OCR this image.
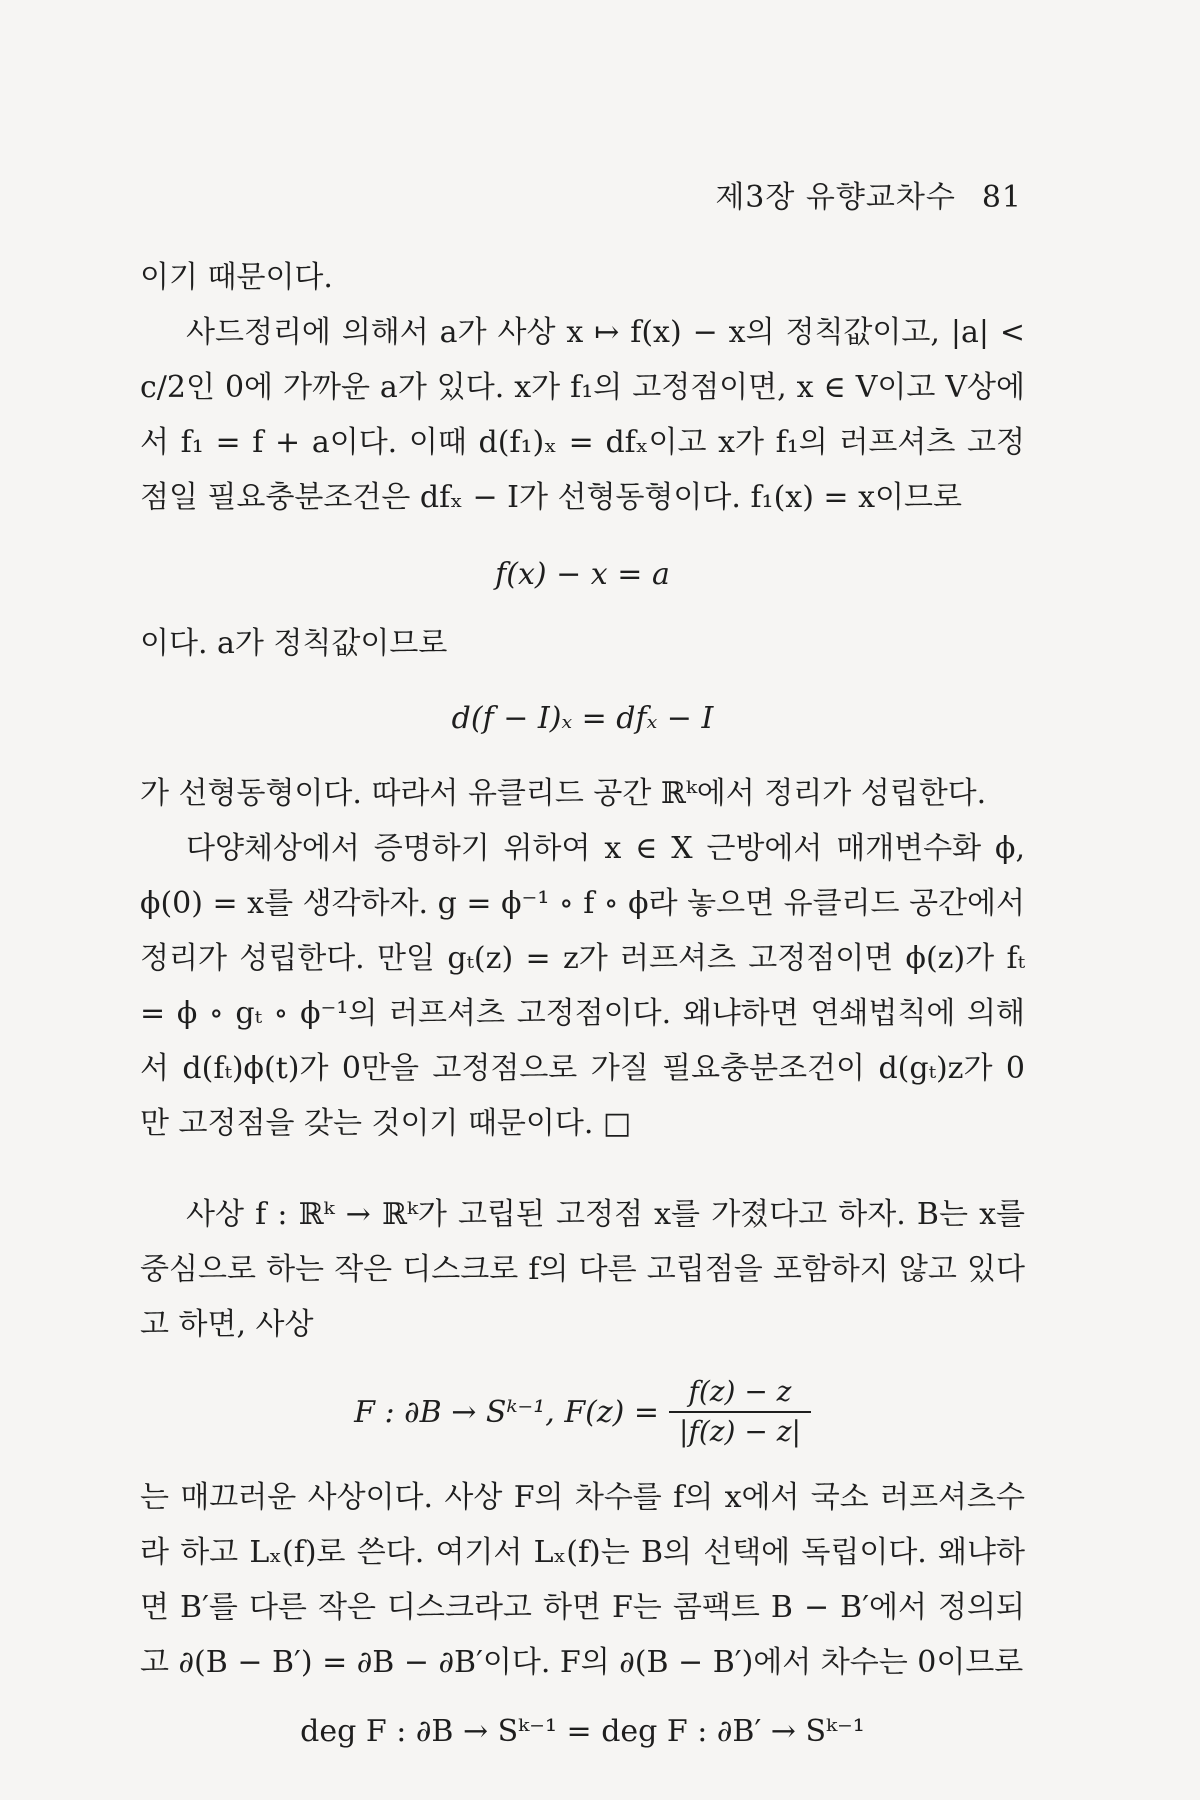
제3장 유향교차수 81

이기 때문이다.

사드정리에 의해서 a가 사상 x ↦ f(x) − x의 정칙값이고, |a| < c/2인 0에 가까운 a가 있다. x가 f₁의 고정점이면, x ∈ V이고 V상에서 f₁ = f + a이다. 이때 d(f₁)ₓ = dfₓ이고 x가 f₁의 러프셔츠 고정점일 필요충분조건은 dfₓ − I가 선형동형이다. f₁(x) = x이므로

f(x) − x = a

이다. a가 정칙값이므로

d(f − I)ₓ = dfₓ − I

가 선형동형이다. 따라서 유클리드 공간 ℝᵏ에서 정리가 성립한다.

다양체상에서 증명하기 위하여 x ∈ X 근방에서 매개변수화 ϕ, ϕ(0) = x를 생각하자. g = ϕ⁻¹ ∘ f ∘ ϕ라 놓으면 유클리드 공간에서 정리가 성립한다. 만일 gₜ(z) = z가 러프셔츠 고정점이면 ϕ(z)가 fₜ = ϕ ∘ gₜ ∘ ϕ⁻¹의 러프셔츠 고정점이다. 왜냐하면 연쇄법칙에 의해서 d(fₜ)ϕ(t)가 0만을 고정점으로 가질 필요충분조건이 d(gₜ)z가 0만 고정점을 갖는 것이기 때문이다. □

사상 f : ℝᵏ → ℝᵏ가 고립된 고정점 x를 가졌다고 하자. B는 x를 중심으로 하는 작은 디스크로 f의 다른 고립점을 포함하지 않고 있다고 하면, 사상

F : ∂B → Sᵏ⁻¹, $F(z) = \frac{f(z) - z}{|f(z) - z|}$

는 매끄러운 사상이다. 사상 F의 차수를 f의 x에서 국소 러프셔츠수라 하고 Lₓ(f)로 쓴다. 여기서 Lₓ(f)는 B의 선택에 독립이다. 왜냐하면 B′를 다른 작은 디스크라고 하면 F는 콤팩트 B − B′에서 정의되고 ∂(B − B′) = ∂B − ∂B′이다. F의 ∂(B − B′)에서 차수는 0이므로

deg F : ∂B → Sᵏ⁻¹ = deg F : ∂B′ → Sᵏ⁻¹
